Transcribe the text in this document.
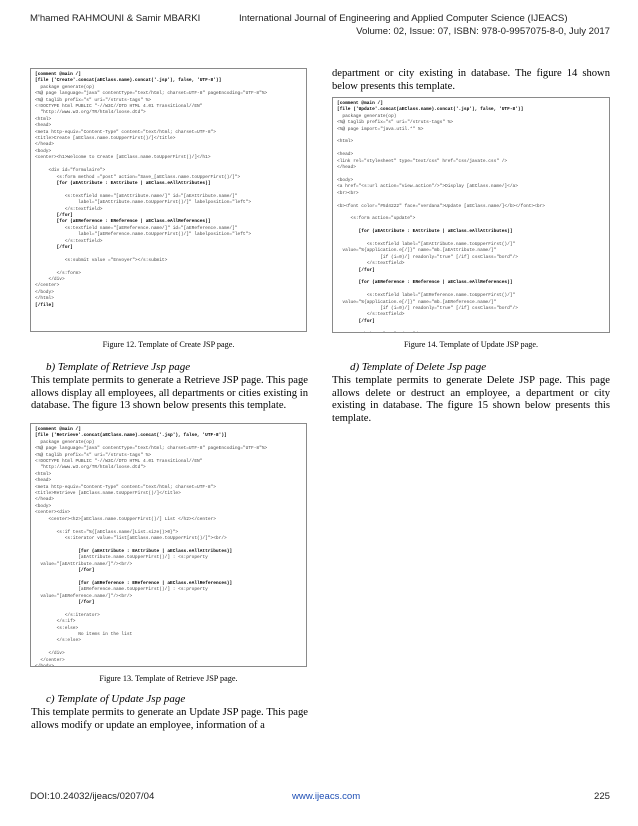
M'hamed RAHMOUNI & Samir MBARKI	International Journal of Engineering and Applied Computer Science (IJEACS)
Volume: 02, Issue: 07, ISBN: 978-0-9957075-8-0, July 2017
[comment @main /]
[file ('Create'.concat(aEClass.name).concat('.jsp'), false, 'UTF-8')]
package generate(op)
<%@ page language="java" contentType="text/html; charset=UTF-8" pageEncoding="UTF-8"%>
<%@ taglib prefix="s" uri="/struts-tags" %>
<!DOCTYPE html PUBLIC "-//W3C//DTD HTML 4.01 Transitional//EN"
"http://www.w3.org/TR/html4/loose.dtd">
<html>
<head>
<meta http-equiv="Content-Type" content="text/html; charset=UTF-8">
<title>Create [aEClass.name.toUpperFirst()/]</title>
</head>
<body>
<center><h1>Welcome to Create [aEClass.name.toUpperFirst()/]</h1>

<div id="formulaire">
<s:form method ="post" action="Save_[aEClass.name.toUpperFirst()/]">
[for (aEAttribute : EAttribute | aEClass.eAllAttributes)]

<s:textfield name="[aEAttribute.name/]" id="[aEAttribute.name/]"
label="[aEAttribute.name.toUpperFirst()/]" labelposition="left">
</s:textfield>
[/for]
[for (aEReference : EReference | aEClass.eAllReferences)]
<s:textfield name="[aEReference.name/]" id="[aEReference.name/]"
label="[aEReference.name.toUpperFirst()/]" labelposition="left">
</s:textfield>
[/for]

<s:submit value ="Envoyer"></s:submit>

</s:form>
</div>
</center>
</body>
</html>
[/file]

Figure 12. Template of Create JSP page.
b) Template of Retrieve Jsp page
This template permits to generate a Retrieve JSP page. This page allows display all employees, all departments or cities existing in database. The figure 13 shown below presents this template.
[comment @main /]
[file ('Retrieve'.concat(aEClass.name).concat('.jsp'), false, 'UTF-8')]
package generate(op)
<%@ page language="java" contentType="text/html; charset=UTF-8" pageEncoding="UTF-8"%>
<%@ taglib prefix="s" uri="/struts-tags" %>
<!DOCTYPE html PUBLIC "-//W3C//DTD HTML 4.01 Transitional//EN"
"http://www.w3.org/TR/html4/loose.dtd">
<html>
<head>
<meta http-equiv="Content-Type" content="text/html; charset=UTF-8">
<title>Retrieve [aEClass.name.toUpperFirst()/]</title>
</head>
<body>
<center><div>
<center><h2>[aEClass.name.toUpperFirst()/] List </h2></center>

<s:if test="%{[aEClass.name/]List.size()>0}">
<s:iterator value="list[aEClass.name.toUpperFirst()/]"><br/>

[for (aEAttribute : EAttribute | aEClass.eAllAttributes)]
[aEAttribute.name.toUpperFirst()/] : <s:property
value="[aEAttribute.name/]"/><br/>
[/for]

[for (aEReference : EReference | aEClass.eAllReferences)]
[aEReference.name.toUpperFirst()/] : <s:property
value="[aEReference.name/]"/><br/>
[/for]

</s:iterator>
</s:if>
<s:else>
No items in the list
</s:else>

</div>
</center>
</body>

Figure 13. Template of Retrieve JSP page.
c) Template of Update Jsp page
This template permits to generate an Update JSP page. This page allows modify or update an employee, information of a
department or city existing in database. The figure 14 shown below presents this template.
[comment @main /]
[file ('Update'.concat(aEClass.name).concat('.jsp'), false, 'UTF-8')]
package generate(op)
<%@ taglib prefix="s" uri="/struts-tags" %>
<%@ page import="java.util.*" %>

<html>

<head>
<link rel="stylesheet" type="text/css" href="css/javate.css" />
</head>

<body>
<a href="<s:url action="view.action"/>">Display [aEClass.name/]</a>
<br><br>

<b><font color="#5d4222" face="verdana">Update [aEClass.name/]</b></font><br>

<s:form action="update">

[for (aEAttribute : EAttribute | aEClass.eAllAttributes)]

<s:textfield label="[aEAttribute.name.toUpperFirst()/]"
value="%{application.e[/]}" name="mb.[aEAttribute.name/]"
[if (i=0)/] readonly="true" [/if] cssClass="bord"/>
</s:textfield>
[/for]

[for (aEReference : EReference | aEClass.eAllReferences)]

<s:textfield label="[aEReference.name.toUpperFirst()/]"
value="%{application.e[/]}" name="mb.[aEReference.name/]"
[if (i=0)/] readonly="true" [/if] cssClass="bord"/>
</s:textfield>
[/for]

Figure 14. Template of Update JSP page.
d) Template of Delete Jsp page
This template permits to generate Delete JSP page. This page allows delete or destruct an employee, a department or city existing in database. The figure 15 shown below presents this template.
DOI:10.24032/ijeacs/0207/04	www.ijeacs.com	225
